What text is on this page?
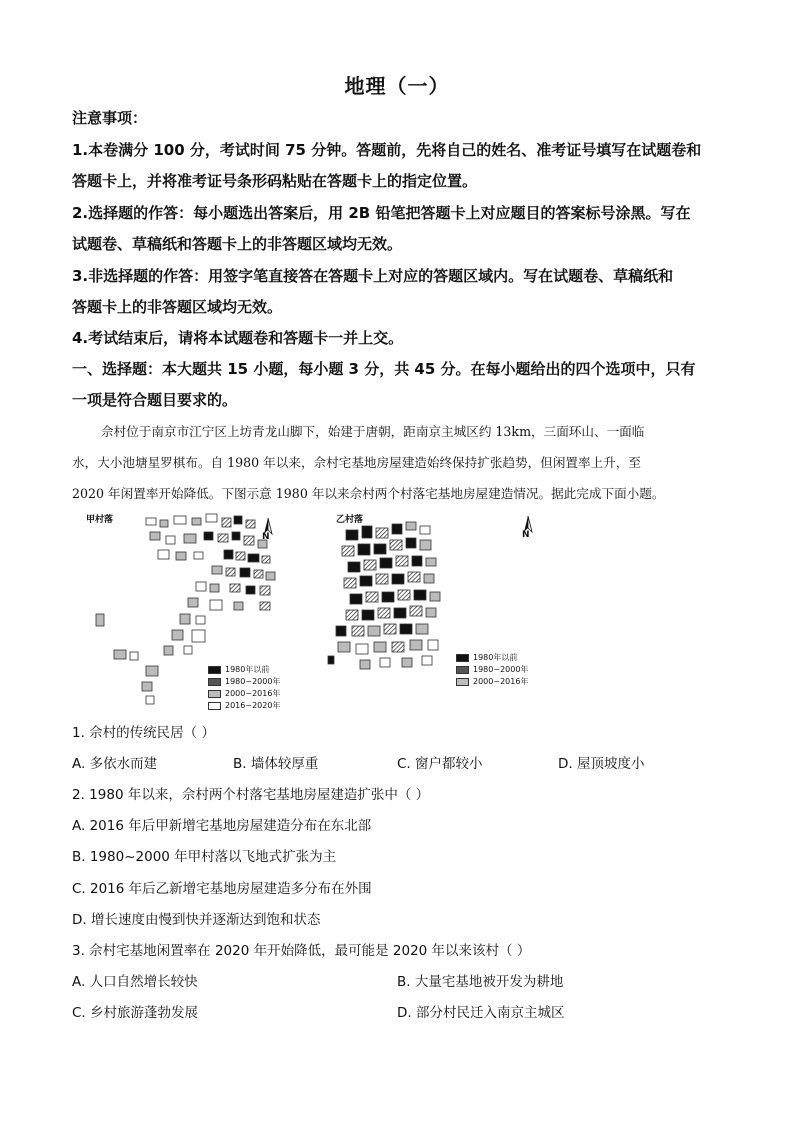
地理（一）
注意事项：
1.本卷满分 100 分，考试时间 75 分钟。答题前，先将自己的姓名、准考证号填写在试题卷和
答题卡上，并将准考证号条形码粘贴在答题卡上的指定位置。
2.选择题的作答：每小题选出答案后，用 2B 铅笔把答题卡上对应题目的答案标号涂黑。写在
试题卷、草稿纸和答题卡上的非答题区域均无效。
3.非选择题的作答：用签字笔直接答在答题卡上对应的答题区域内。写在试题卷、草稿纸和
答题卡上的非答题区域均无效。
4.考试结束后，请将本试题卷和答题卡一并上交。
一、选择题：本大题共 15 小题，每小题 3 分，共 45 分。在每小题给出的四个选项中，只有
一项是符合题目要求的。
佘村位于南京市江宁区上坊青龙山脚下，始建于唐朝，距南京主城区约 13km，三面环山、一面临
水，大小池塘星罗棋布。自 1980 年以来，佘村宅基地房屋建造始终保持扩张趋势，但闲置率上升，至
2020 年闲置率开始降低。下图示意 1980 年以来佘村两个村落宅基地房屋建造情况。据此完成下面小题。
甲村落	乙村落
1980年以前
1980~2000年
2000~2016年
2016~2020年
1980年以前
1980~2000年
2000~2016年
N	N
1. 佘村的传统民居（ ）
A. 多依水而建	B. 墙体较厚重	C. 窗户都较小	D. 屋顶坡度小
2. 1980 年以来，佘村两个村落宅基地房屋建造扩张中（ ）
A. 2016 年后甲新增宅基地房屋建造分布在东北部
B. 1980~2000 年甲村落以飞地式扩张为主
C. 2016 年后乙新增宅基地房屋建造多分布在外围
D. 增长速度由慢到快并逐渐达到饱和状态
3. 佘村宅基地闲置率在 2020 年开始降低，最可能是 2020 年以来该村（ ）
A. 人口自然增长较快	B. 大量宅基地被开发为耕地
C. 乡村旅游蓬勃发展	D. 部分村民迁入南京主城区
